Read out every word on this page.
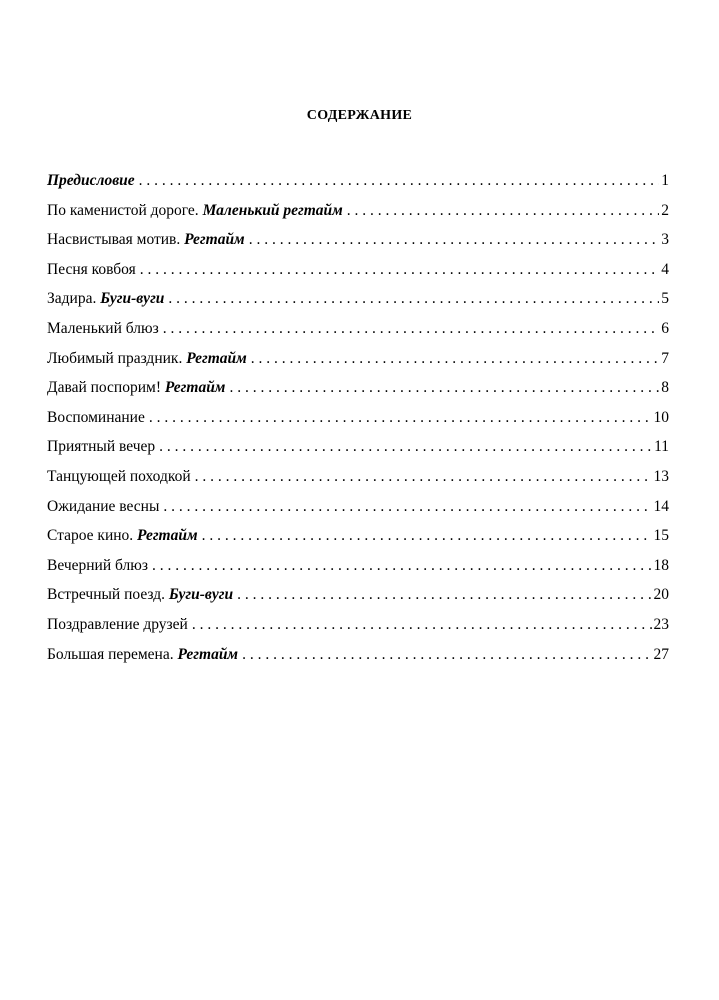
СОДЕРЖАНИЕ
Предисловие . . .	1
По каменистой дороге. Маленький регтайм . . .	2
Насвистывая мотив. Регтайм . . .	3
Песня ковбоя . . .	4
Задира. Буги-вуги . . .	5
Маленький блюз . . .	6
Любимый праздник. Регтайм . . .	7
Давай поспорим! Регтайм . . .	8
Воспоминание . . .	10
Приятный вечер . . .	11
Танцующей походкой . . .	13
Ожидание весны . . .	14
Старое кино. Регтайм . . .	15
Вечерний блюз . . .	18
Встречный поезд. Буги-вуги . . .	20
Поздравление друзей . . .	23
Большая перемена. Регтайм . . .	27
